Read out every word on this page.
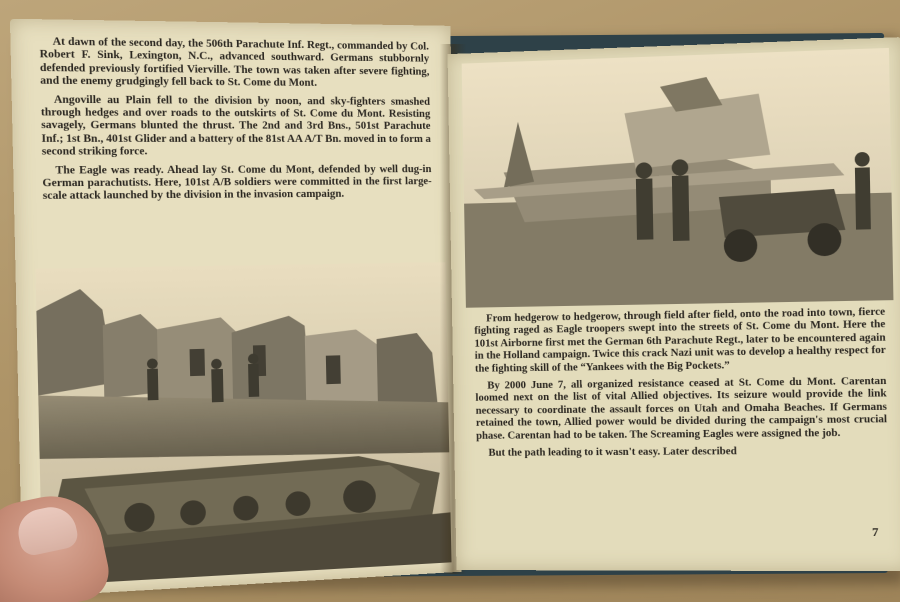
At dawn of the second day, the 506th Parachute Inf. Regt., commanded by Col. Robert F. Sink, Lexington, N.C., advanced southward. Germans stubbornly defended previously fortified Vierville. The town was taken after severe fighting, and the enemy grudgingly fell back to St. Come du Mont.

Angoville au Plain fell to the division by noon, and sky-fighters smashed through hedges and over roads to the outskirts of St. Come du Mont. Resisting savagely, Germans blunted the thrust. The 2nd and 3rd Bns., 501st Parachute Inf.; 1st Bn., 401st Glider and a battery of the 81st AA A/T Bn. moved in to form a second striking force.

The Eagle was ready. Ahead lay St. Come du Mont, defended by well dug-in German parachutists. Here, 101st A/B soldiers were committed in the first large-scale attack launched by the division in the invasion campaign.

From hedgerow to hedgerow, through field after field, onto the road into town, fierce fighting raged as Eagle troopers swept into the streets of St. Come du Mont. Here the 101st Airborne first met the German 6th Parachute Regt., later to be encountered again in the Holland campaign. Twice this crack Nazi unit was to develop a healthy respect for the fighting skill of the “Yankees with the Big Pockets.”

By 2000 June 7, all organized resistance ceased at St. Come du Mont. Carentan loomed next on the list of vital Allied objectives. Its seizure would provide the link necessary to coordinate the assault forces on Utah and Omaha Beaches. If Germans retained the town, Allied power would be divided during the campaign's most crucial phase. Carentan had to be taken. The Screaming Eagles were assigned the job.

But the path leading to it wasn't easy. Later described

7
